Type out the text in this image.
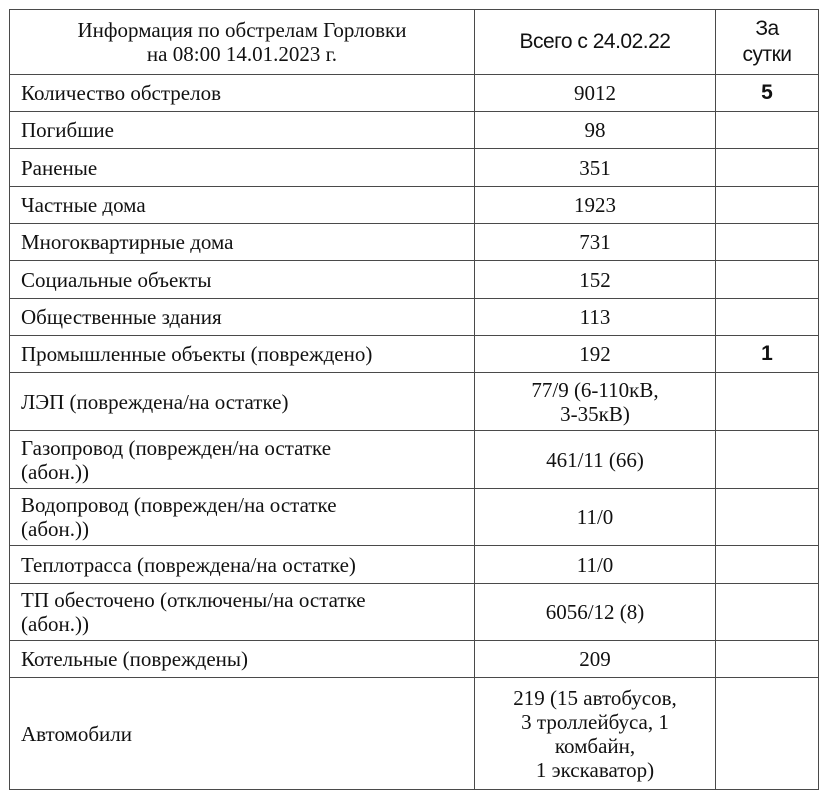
Информация по обстрелам Горловки
на 08:00 14.01.2023 г.	Всего с 24.02.22	За
сутки

Количество обстрелов	9012	5

Погибшие	98	

Раненые	351	

Частные дома	1923	

Многоквартирные дома	731	

Социальные объекты	152	

Общественные здания	113	

Промышленные объекты (повреждено)	192	1

ЛЭП (повреждена/на остатке)	77/9 (6-110кВ,
3-35кВ)	

Газопровод (поврежден/на остатке
(абон.))	461/11 (66)	

Водопровод (поврежден/на остатке
(абон.))	11/0	

Теплотрасса (повреждена/на остатке)	11/0	

ТП обесточено (отключены/на остатке
(абон.))	6056/12 (8)	

Котельные (повреждены)	209	

Автомобили	219 (15 автобусов,
3 троллейбуса, 1
комбайн,
1 экскаватор)	
